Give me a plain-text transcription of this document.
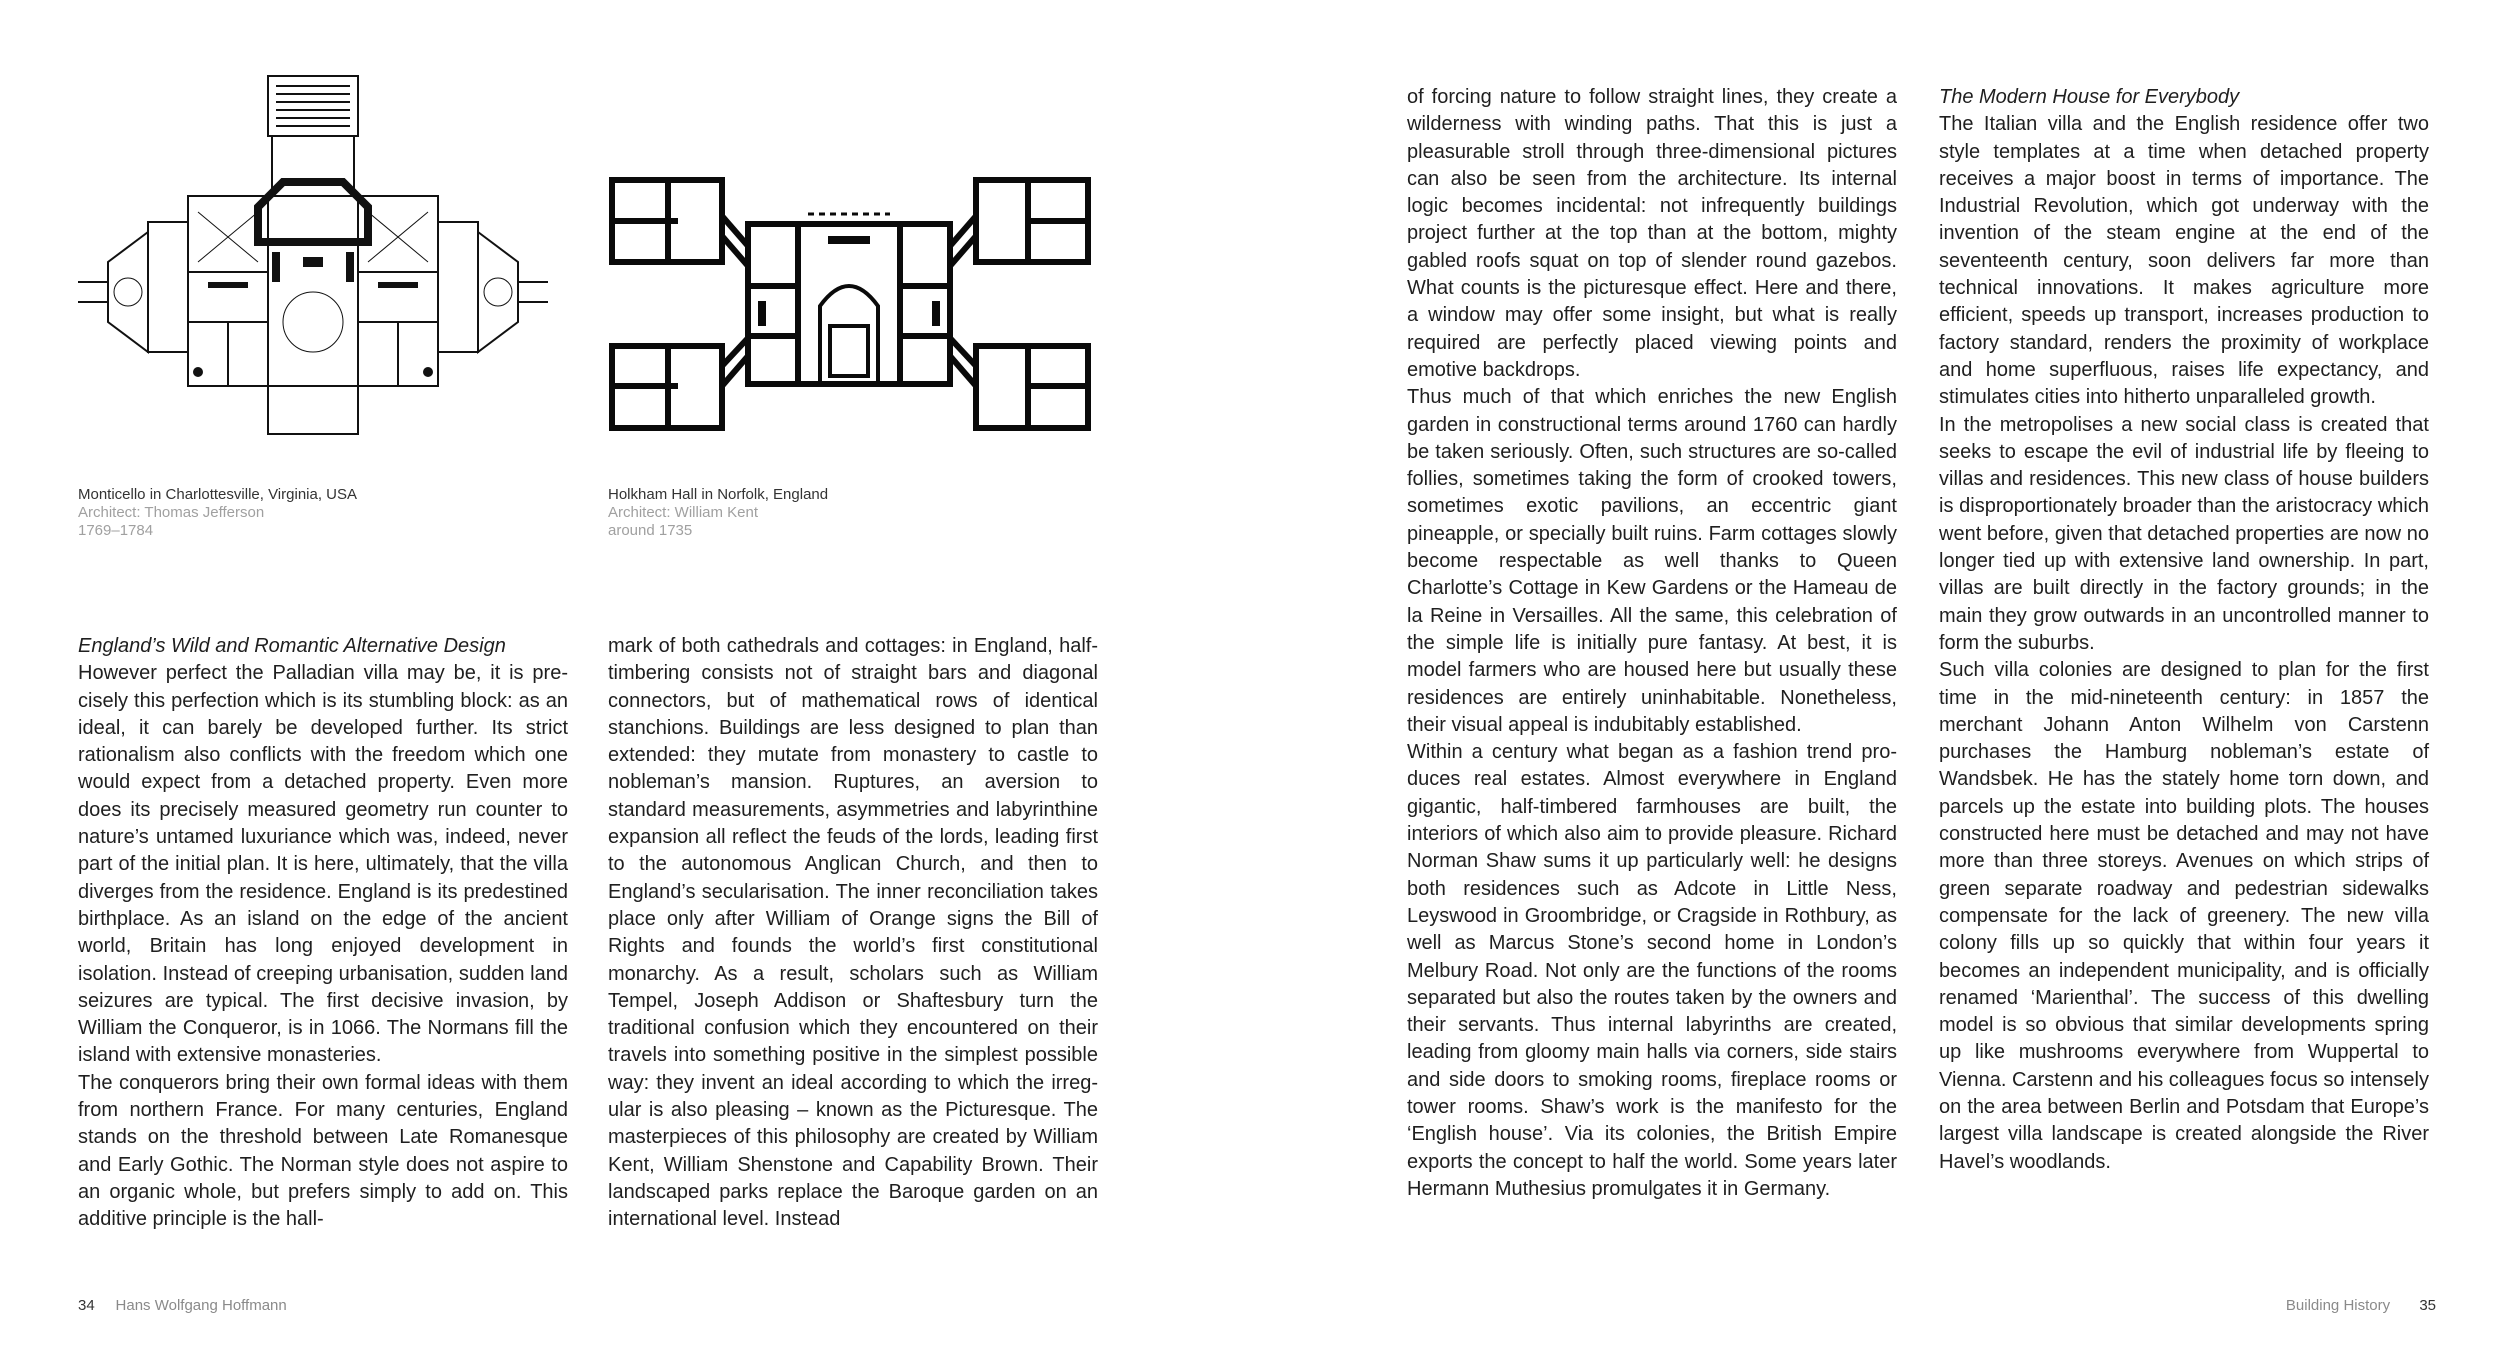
Monticello in Charlottesville, Virginia, USA
Architect: Thomas Jefferson
1769–1784
Holkham Hall in Norfolk, England
Architect: William Kent
around 1735
England’s Wild and Romantic Alternative Design

However perfect the Palladian villa may be, it is precisely this perfection which is its stumbling block: as an ideal, it can barely be developed further. Its strict rationalism also conflicts with the freedom which one would expect from a detached property. Even more does its precisely measured geometry run counter to nature’s untamed luxuriance which was, indeed, never part of the initial plan. It is here, ultimately, that the villa diverges from the residence. England is its predestined birthplace. As an island on the edge of the ancient world, Britain has long enjoyed development in isolation. Instead of creeping urbanisation, sudden land seizures are typical. The first decisive invasion, by William the Conqueror, is in 1066. The Normans fill the island with extensive monasteries.

The conquerors bring their own formal ideas with them from northern France. For many centuries, England stands on the threshold between Late Romanesque and Early Gothic. The Norman style does not aspire to an organic whole, but prefers simply to add on. This additive principle is the hall-

mark of both cathedrals and cottages: in England, half-timbering consists not of straight bars and diagonal connectors, but of mathematical rows of identical stanchions. Buildings are less designed to plan than extended: they mutate from monastery to castle to nobleman’s mansion. Ruptures, an aversion to standard measurements, asymmetries and labyrinthine expansion all reflect the feuds of the lords, leading first to the autonomous Anglican Church, and then to England’s secularisation. The inner reconciliation takes place only after William of Orange signs the Bill of Rights and founds the world’s first constitutional monarchy. As a result, scholars such as William Tempel, Joseph Addison or Shaftesbury turn the traditional confusion which they encountered on their travels into something positive in the simplest possible way: they invent an ideal according to which the irregular is also pleasing – known as the Picturesque. The masterpieces of this philosophy are created by William Kent, William Shenstone and Capability Brown. Their landscaped parks replace the Baroque garden on an international level. Instead

of forcing nature to follow straight lines, they create a wilderness with winding paths. That this is just a pleasurable stroll through three-dimensional pictures can also be seen from the architecture. Its internal logic becomes incidental: not infrequently buildings project further at the top than at the bottom, mighty gabled roofs squat on top of slender round gazebos. What counts is the picturesque effect. Here and there, a window may offer some insight, but what is really required are perfectly placed viewing points and emotive backdrops.

Thus much of that which enriches the new English garden in constructional terms around 1760 can hardly be taken seriously. Often, such structures are so-called follies, sometimes taking the form of crooked towers, sometimes exotic pavilions, an eccentric giant pineapple, or specially built ruins. Farm cottages slowly become respectable as well thanks to Queen Charlotte’s Cottage in Kew Gardens or the Hameau de la Reine in Versailles. All the same, this celebration of the simple life is initially pure fantasy. At best, it is model farmers who are housed here but usually these residences are entirely uninhabitable. Nonetheless, their visual appeal is indubitably established.

Within a century what began as a fashion trend produces real estates. Almost everywhere in England gigantic, half-timbered farmhouses are built, the interiors of which also aim to provide pleasure. Richard Norman Shaw sums it up particularly well: he designs both residences such as Adcote in Little Ness, Leyswood in Groombridge, or Cragside in Rothbury, as well as Marcus Stone’s second home in London’s Melbury Road. Not only are the functions of the rooms separated but also the routes taken by the owners and their servants. Thus internal labyrinths are created, leading from gloomy main halls via corners, side stairs and side doors to smoking rooms, fireplace rooms or tower rooms. Shaw’s work is the manifesto for the ‘English house’. Via its colonies, the British Empire exports the concept to half the world. Some years later Hermann Muthesius promulgates it in Germany.

The Modern House for Everybody

The Italian villa and the English residence offer two style templates at a time when detached property receives a major boost in terms of importance. The Industrial Revolution, which got underway with the invention of the steam engine at the end of the seventeenth century, soon delivers far more than technical innovations. It makes agriculture more efficient, speeds up transport, increases production to factory standard, renders the proximity of workplace and home superfluous, raises life expectancy, and stimulates cities into hitherto unparalleled growth.

In the metropolises a new social class is created that seeks to escape the evil of industrial life by fleeing to villas and residences. This new class of house builders is disproportionately broader than the aristocracy which went before, given that detached properties are now no longer tied up with extensive land ownership. In part, villas are built directly in the factory grounds; in the main they grow outwards in an uncontrolled manner to form the suburbs.

Such villa colonies are designed to plan for the first time in the mid-nineteenth century: in 1857 the merchant Johann Anton Wilhelm von Carstenn purchases the Hamburg nobleman’s estate of Wandsbek. He has the stately home torn down, and parcels up the estate into building plots. The houses constructed here must be detached and may not have more than three storeys. Avenues on which strips of green separate roadway and pedestrian sidewalks compensate for the lack of greenery. The new villa colony fills up so quickly that within four years it becomes an independent municipality, and is officially renamed ‘Marienthal’. The success of this dwelling model is so obvious that similar developments spring up like mushrooms everywhere from Wuppertal to Vienna. Carstenn and his colleagues focus so intensely on the area between Berlin and Potsdam that Europe’s largest villa landscape is created alongside the River Havel’s woodlands.

34 Hans Wolfgang Hoffmann	Building History 35
